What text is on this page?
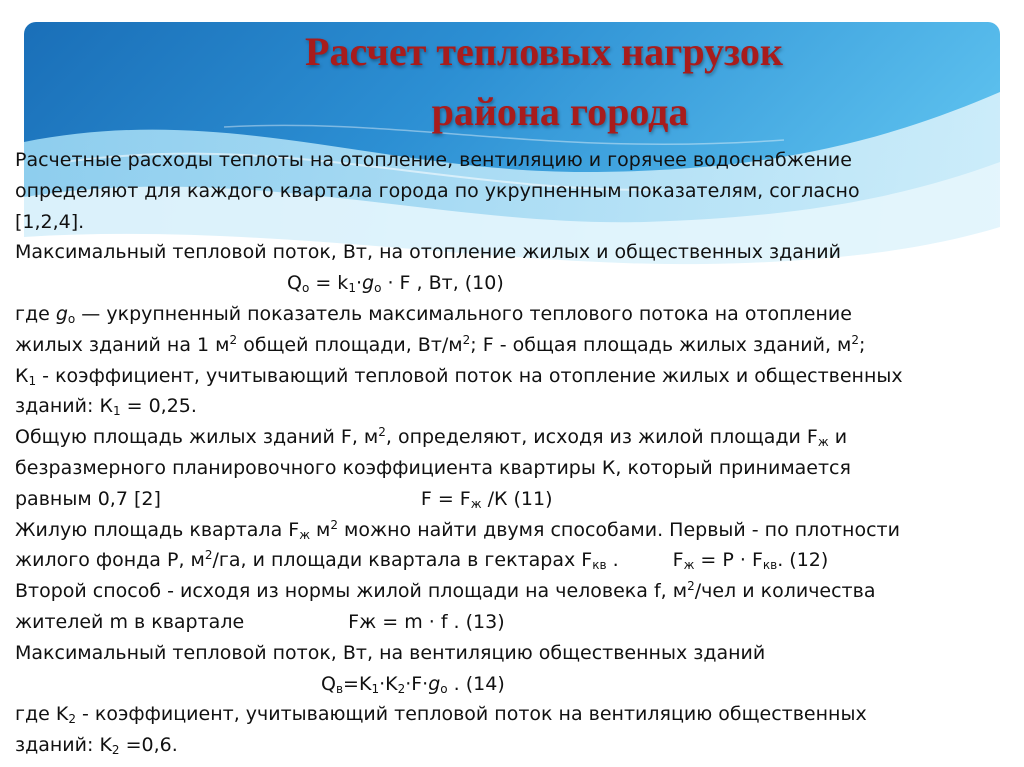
Расчет тепловых нагрузок
района города
Расчетные расходы теплоты на отопление, вентиляцию и горячее водоснабжение
определяют для каждого квартала города по укрупненным показателям, согласно
[1,2,4].
Максимальный тепловой поток, Вт, на отопление жилых и общественных зданий
$Q_o = k_1\cdot g_o \cdot F$ , Вт, (10)
где $g_o$ — укрупненный показатель максимального теплового потока на отопление
жилых зданий на 1 $м^2$ общей площади, $Вт/м^2$; F - общая площадь жилых зданий, $м^2$;
$К_1$ - коэффициент, учитывающий тепловой поток на отопление жилых и общественных
зданий: $К_1 = 0,25$.
Общую площадь жилых зданий F, $м^2$, определяют, исходя из жилой площади $F_ж$ и
безразмерного планировочного коэффициента квартиры К, который принимается
равным 0,7 [2]	$F = F_ж$ /К (11)
Жилую площадь квартала $F_ж$ $м^2$ можно найти двумя способами. Первый - по плотности
жилого фонда Р, $м^2/га$, и площади квартала в гектарах $F_{кв}$ .	$F_ж = P \cdot F_{кв}$. (12)
Второй способ - исходя из нормы жилой площади на человека f, $м^2$/чел и количества
жителей m в квартале	Fж = m · f . (13)
Максимальный тепловой поток, Вт, на вентиляцию общественных зданий
$Q_в=K_1\cdot K_2\cdot F\cdot g_o$ . (14)
где $K_2$ - коэффициент, учитывающий тепловой поток на вентиляцию общественных
зданий: $K_2 =0,6$.
